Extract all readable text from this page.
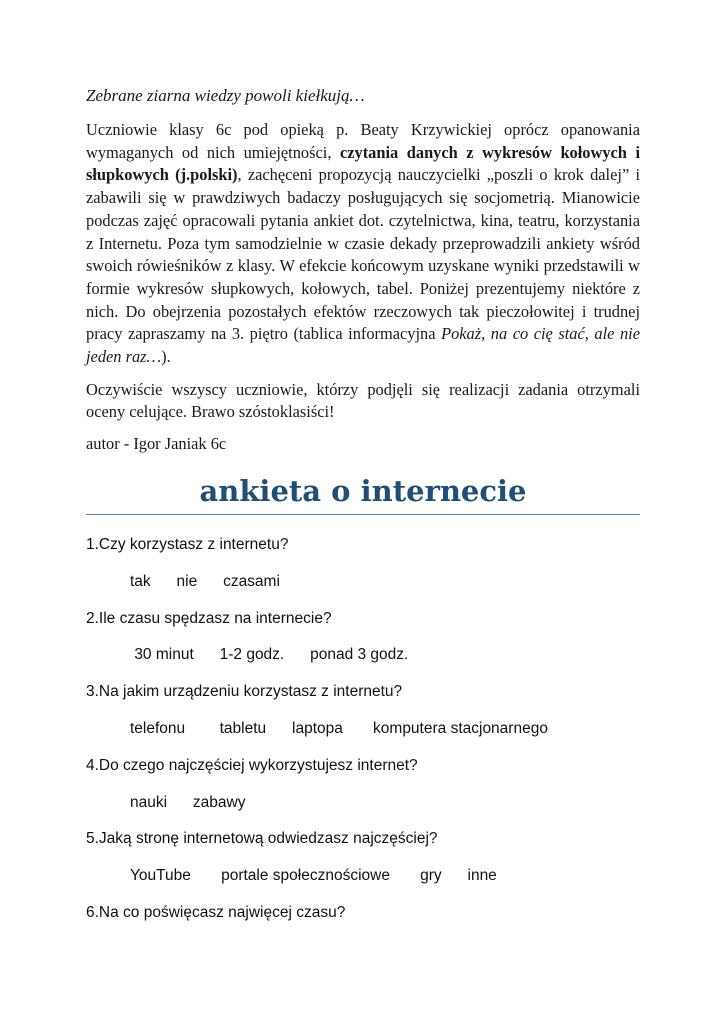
Zebrane ziarna wiedzy powoli kiełkują…

Uczniowie klasy 6c pod opieką p. Beaty Krzywickiej oprócz opanowania wymaganych od nich umiejętności, czytania danych z wykresów kołowych i słupkowych (j.polski), zachęceni propozycją nauczycielki „poszli o krok dalej” i zabawili się w prawdziwych badaczy posługujących się socjometrią. Mianowicie podczas zajęć opracowali pytania ankiet dot. czytelnictwa, kina, teatru, korzystania z Internetu. Poza tym samodzielnie w czasie dekady przeprowadzili ankiety wśród swoich rówieśników z klasy. W efekcie końcowym uzyskane wyniki przedstawili w formie wykresów słupkowych, kołowych, tabel. Poniżej prezentujemy niektóre z nich. Do obejrzenia pozostałych efektów rzeczowych tak pieczołowitej i trudnej pracy zapraszamy na 3. piętro (tablica informacyjna Pokaż, na co cię stać, ale nie jeden raz…).

Oczywiście wszyscy uczniowie, którzy podjęli się realizacji zadania otrzymali oceny celujące. Brawo szóstoklasiści!

autor - Igor Janiak 6c

ankieta o internecie

1.Czy korzystasz z internetu?

tak nie czasami

2.Ile czasu spędzasz na internecie?

30 minut 1-2 godz. ponad 3 godz.

3.Na jakim urządzeniu korzystasz z internetu?

telefonu tabletu laptopa komputera stacjonarnego

4.Do czego najczęściej wykorzystujesz internet?

nauki zabawy

5.Jaką stronę internetową odwiedzasz najczęściej?

YouTube portale społecznościowe gry inne

6.Na co poświęcasz najwięcej czasu?
